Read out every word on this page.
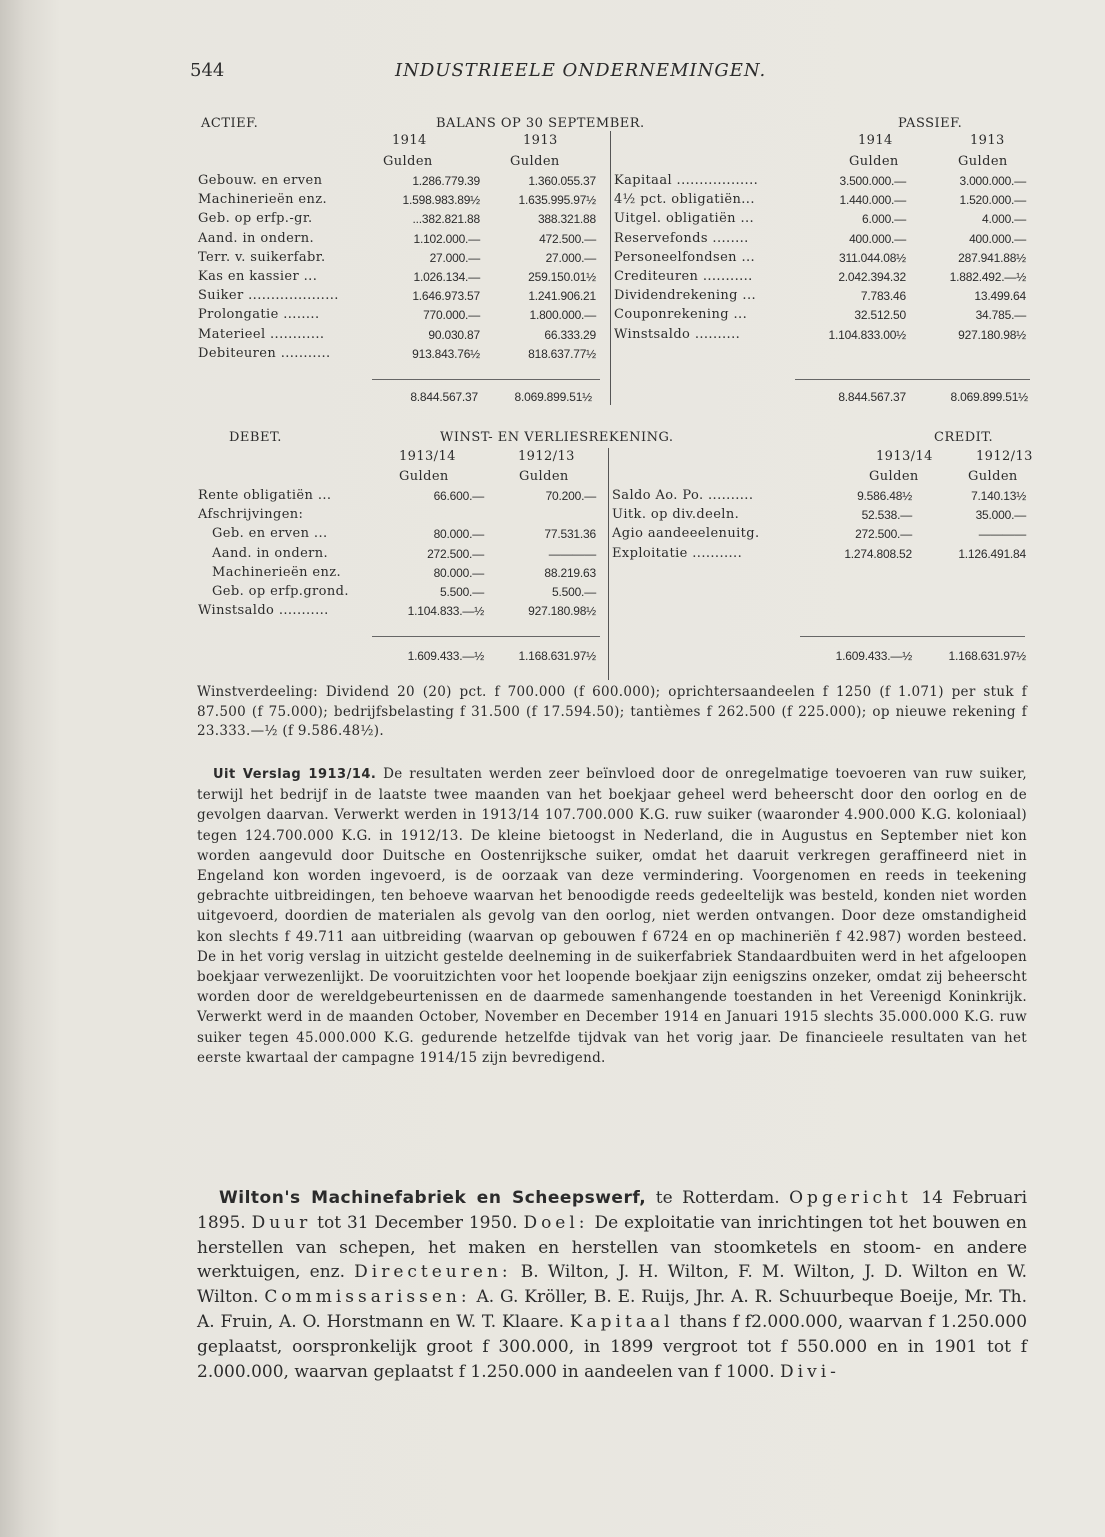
544	INDUSTRIEELE ONDERNEMINGEN.
ACTIEF.	BALANS OP 30 SEPTEMBER.	PASSIEF.
1914	1913	1914	1913
Gulden	Gulden	Gulden	Gulden
Gebouw. en erven	1.286.779.39	1.360.055.37
Machinerieën enz.	1.598.983.89½	1.635.995.97½
Geb. op erfp.-gr.	...382.821.88	388.321.88
Aand. in ondern.	1.102.000.—	472.500.—
Terr. v. suikerfabr.	27.000.—	27.000.—
Kas en kassier ...	1.026.134.—	259.150.01½
Suiker ....................	1.646.973.57	1.241.906.21
Prolongatie ........	770.000.—	1.800.000.—
Materieel ............	90.030.87	66.333.29
Debiteuren ...........	913.843.76½	818.637.77½
Kapitaal ..................	3.500.000.—	3.000.000.—
4½ pct. obligatiën...	1.440.000.—	1.520.000.—
Uitgel. obligatiën ...	6.000.—	4.000.—
Reservefonds ........	400.000.—	400.000.—
Personeelfondsen ...	311.044.08½	287.941.88½
Crediteuren ...........	2.042.394.32	1.882.492.—½
Dividendrekening ...	7.783.46	13.499.64
Couponrekening ...	32.512.50	34.785.—
Winstsaldo ..........	1.104.833.00½	927.180.98½
8.844.567.37	8.069.899.51½	8.844.567.37	8.069.899.51½
DEBET.	WINST- EN VERLIESREKENING.	CREDIT.
1913/14	1912/13	1913/14	1912/13
Gulden	Gulden	Gulden	Gulden
Rente obligatiën ...	66.600.—	70.200.—
Afschrijvingen:
Geb. en erven ...	80.000.—	77.531.36
Aand. in ondern.	272.500.—	————
Machinerieën enz.	80.000.—	88.219.63
Geb. op erfp.grond.	5.500.—	5.500.—
Winstsaldo ...........	1.104.833.—½	927.180.98½
Saldo Ao. Po. ..........	9.586.48½	7.140.13½
Uitk. op div.deeln.	52.538.—	35.000.—
Agio aandeeelenuitg.	272.500.—	————
Exploitatie ...........	1.274.808.52	1.126.491.84
1.609.433.—½	1.168.631.97½	1.609.433.—½	1.168.631.97½
Winstverdeeling: Dividend 20 (20) pct. f 700.000 (f 600.000); oprichtersaandeelen f 1250 (f 1.071) per stuk f 87.500 (f 75.000); bedrijfsbelasting f 31.500 (f 17.594.50); tantièmes f 262.500 (f 225.000); op nieuwe rekening f 23.333.—½ (f 9.586.48½).
Uit Verslag 1913/14. De resultaten werden zeer beïnvloed door de onregelmatige toevoeren van ruw suiker, terwijl het bedrijf in de laatste twee maanden van het boekjaar geheel werd beheerscht door den oorlog en de gevolgen daarvan. Verwerkt werden in 1913/14 107.700.000 K.G. ruw suiker (waaronder 4.900.000 K.G. koloniaal) tegen 124.700.000 K.G. in 1912/13. De kleine bietoogst in Nederland, die in Augustus en September niet kon worden aangevuld door Duitsche en Oostenrijksche suiker, omdat het daaruit verkregen geraffineerd niet in Engeland kon worden ingevoerd, is de oorzaak van deze vermindering. Voorgenomen en reeds in teekening gebrachte uitbreidingen, ten behoeve waarvan het benoodigde reeds gedeeltelijk was besteld, konden niet worden uitgevoerd, doordien de materialen als gevolg van den oorlog, niet werden ontvangen. Door deze omstandigheid kon slechts f 49.711 aan uitbreiding (waarvan op gebouwen f 6724 en op machineriën f 42.987) worden besteed. De in het vorig verslag in uitzicht gestelde deelneming in de suikerfabriek Standaardbuiten werd in het afgeloopen boekjaar verwezenlijkt. De vooruitzichten voor het loopende boekjaar zijn eenigszins onzeker, omdat zij beheerscht worden door de wereldgebeurtenissen en de daarmede samenhangende toestanden in het Vereenigd Koninkrijk. Verwerkt werd in de maanden October, November en December 1914 en Januari 1915 slechts 35.000.000 K.G. ruw suiker tegen 45.000.000 K.G. gedurende hetzelfde tijdvak van het vorig jaar. De financieele resultaten van het eerste kwartaal der campagne 1914/15 zijn bevredigend.
Wilton's Machinefabriek en Scheepswerf, te Rotterdam. Opgericht 14 Februari 1895. Duur tot 31 December 1950. Doel: De exploitatie van inrichtingen tot het bouwen en herstellen van schepen, het maken en herstellen van stoomketels en stoom- en andere werktuigen, enz. Directeuren: B. Wilton, J. H. Wilton, F. M. Wilton, J. D. Wilton en W. Wilton. Commissarissen: A. G. Kröller, B. E. Ruijs, Jhr. A. R. Schuurbeque Boeije, Mr. Th. A. Fruin, A. O. Horstmann en W. T. Klaare. Kapitaal thans f f2.000.000, waarvan f 1.250.000 geplaatst, oorspronkelijk groot f 300.000, in 1899 vergroot tot f 550.000 en in 1901 tot f 2.000.000, waarvan geplaatst f 1.250.000 in aandeelen van f 1000. Divi-
